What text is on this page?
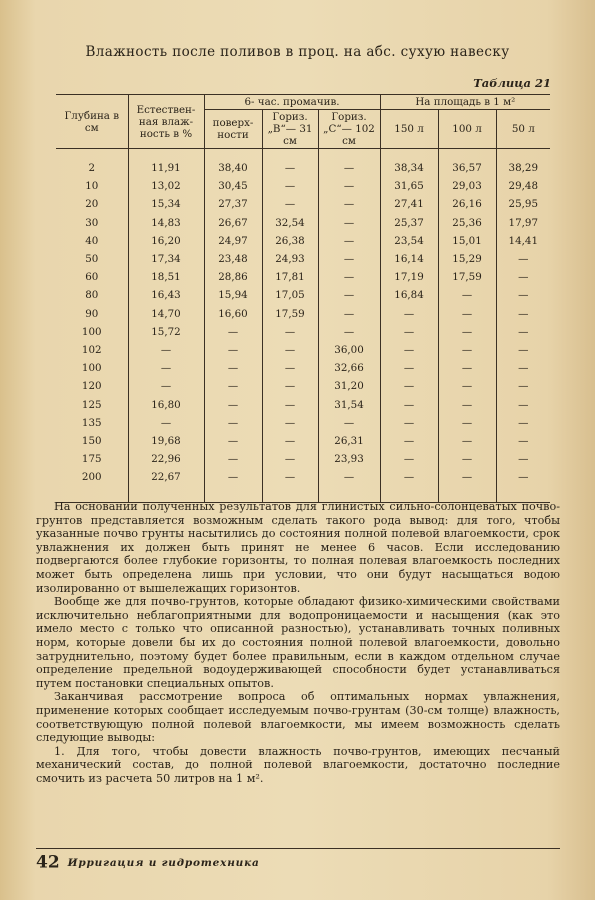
Влажность после поливов в проц. на абс. сухую навеску
Таблица 21
Глубина в см	Естествен- ная влаж- ность в %	6- час. промачив.			На площадь в 1 м²		
		поверх- ности	Гориз. „В“— 31 см	Гориз. „С“— 102 см	150 л	100 л	50 л
2	11,91	38,40	—	—	38,34	36,57	38,29
10	13,02	30,45	—	—	31,65	29,03	29,48
20	15,34	27,37	—	—	27,41	26,16	25,95
30	14,83	26,67	32,54	—	25,37	25,36	17,97
40	16,20	24,97	26,38	—	23,54	15,01	14,41
50	17,34	23,48	24,93	—	16,14	15,29	—
60	18,51	28,86	17,81	—	17,19	17,59	—
80	16,43	15,94	17,05	—	16,84	—	—
90	14,70	16,60	17,59	—	—	—	—
100	15,72	—	—	—	—	—	—
102	—	—	—	36,00	—	—	—
100	—	—	—	32,66	—	—	—
120	—	—	—	31,20	—	—	—
125	16,80	—	—	31,54	—	—	—
135	—	—	—	—	—	—	—
150	19,68	—	—	26,31	—	—	—
175	22,96	—	—	23,93	—	—	—
200	22,67	—	—	—	—	—	—

На основании полученных результатов для глинистых сильно-солонцеватых почво-грунтов представляется возможным сделать такого рода вывод: для того, чтобы указанные почво грунты насытились до состояния полной полевой влагоемкости, срок увлажнения их должен быть принят не менее 6 часов. Если исследованию подвергаются более глубокие горизонты, то полная полевая влагоемкость последних может быть определена лишь при условии, что они будут насыщаться водою изолированно от вышележащих горизонтов.

Вообще же для почво-грунтов, которые обладают физико-химическими свойствами исключительно неблагоприятными для водопроницаемости и насыщения (как это имело место с только что описанной разностью), устанавливать точных поливных норм, которые довели бы их до состояния полной полевой влагоемкости, довольно затруднительно, поэтому будет более правильным, если в каждом отдельном случае определение предельной водоудерживающей способности будет устанавливаться путем постановки специальных опытов.

Заканчивая рассмотрение вопроса об оптимальных нормах увлажнения, применение которых сообщает исследуемым почво-грунтам (30-см толще) влажность, соответствующую полной полевой влагоемкости, мы имеем возможность сделать следующие выводы:

1. Для того, чтобы довести влажность почво-грунтов, имеющих песчаный механический состав, до полной полевой влагоемкости, достаточно последние смочить из расчета 50 литров на 1 м².

42 Ирригация и гидротехника
